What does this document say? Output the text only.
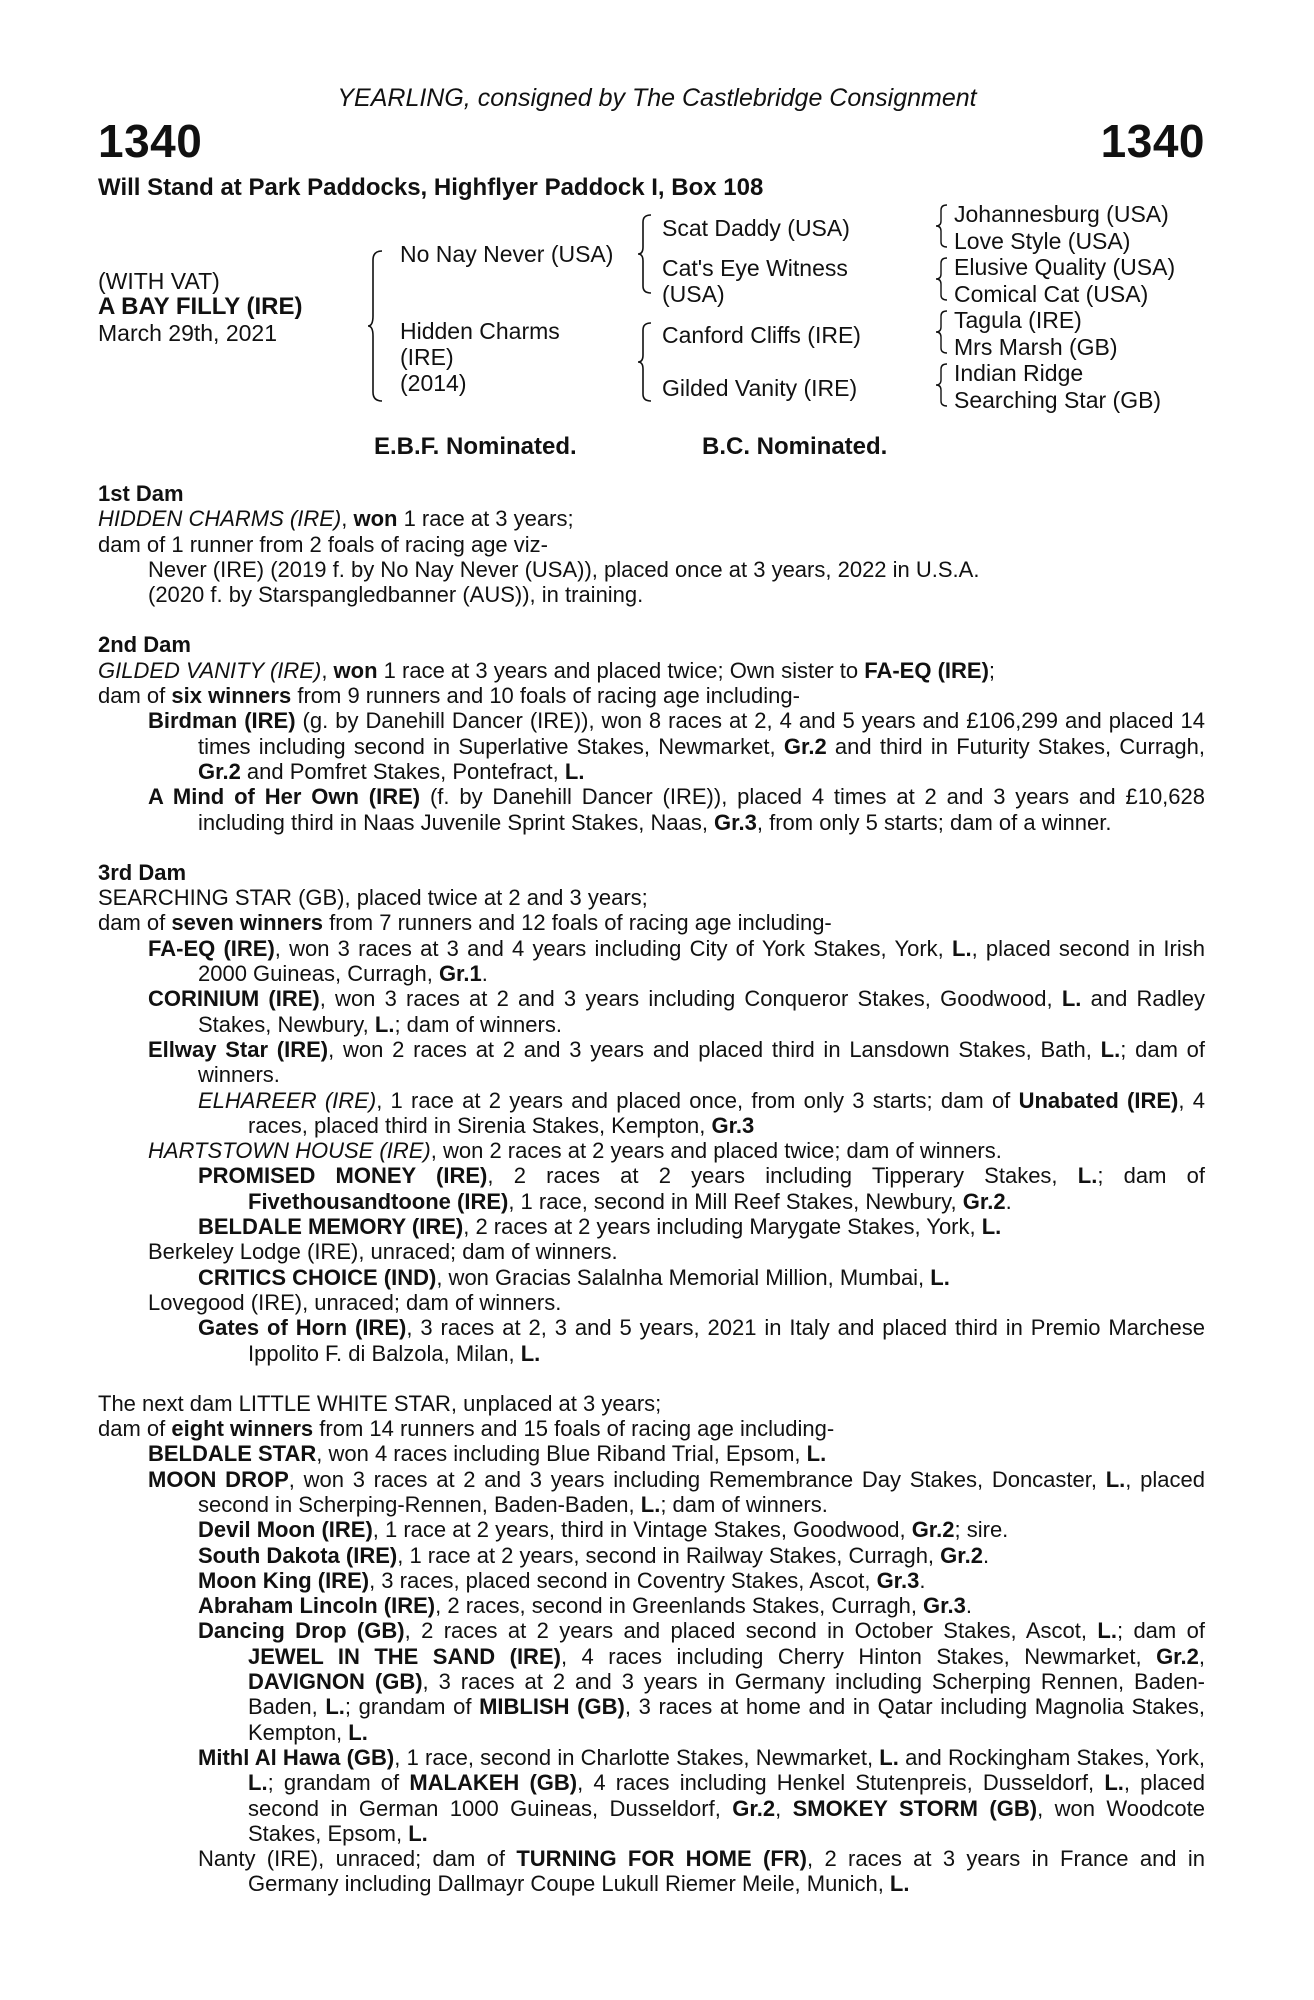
YEARLING, consigned by The Castlebridge Consignment
1340	1340
Will Stand at Park Paddocks, Highflyer Paddock I, Box 108
(WITH VAT)
A BAY FILLY (IRE)
March 29th, 2021
No Nay Never (USA)
Hidden Charms
(IRE)
(2014)
Scat Daddy (USA)
Cat's Eye Witness
(USA)
Canford Cliffs (IRE)
Gilded Vanity (IRE)
Johannesburg (USA)
Love Style (USA)
Elusive Quality (USA)
Comical Cat (USA)
Tagula (IRE)
Mrs Marsh (GB)
Indian Ridge
Searching Star (GB)
E.B.F. Nominated.	B.C. Nominated.

1st Dam

HIDDEN CHARMS (IRE), won 1 race at 3 years;

dam of 1 runner from 2 foals of racing age viz-

Never (IRE) (2019 f. by No Nay Never (USA)), placed once at 3 years, 2022 in U.S.A.

(2020 f. by Starspangledbanner (AUS)), in training.

2nd Dam

GILDED VANITY (IRE), won 1 race at 3 years and placed twice; Own sister to FA-EQ (IRE);

dam of six winners from 9 runners and 10 foals of racing age including-

Birdman (IRE) (g. by Danehill Dancer (IRE)), won 8 races at 2, 4 and 5 years and £106,299 and placed 14 times including second in Superlative Stakes, Newmarket, Gr.2 and third in Futurity Stakes, Curragh, Gr.2 and Pomfret Stakes, Pontefract, L.

A Mind of Her Own (IRE) (f. by Danehill Dancer (IRE)), placed 4 times at 2 and 3 years and £10,628 including third in Naas Juvenile Sprint Stakes, Naas, Gr.3, from only 5 starts; dam of a winner.

3rd Dam

SEARCHING STAR (GB), placed twice at 2 and 3 years;

dam of seven winners from 7 runners and 12 foals of racing age including-

FA-EQ (IRE), won 3 races at 3 and 4 years including City of York Stakes, York, L., placed second in Irish 2000 Guineas, Curragh, Gr.1.

CORINIUM (IRE), won 3 races at 2 and 3 years including Conqueror Stakes, Goodwood, L. and Radley Stakes, Newbury, L.; dam of winners.

Ellway Star (IRE), won 2 races at 2 and 3 years and placed third in Lansdown Stakes, Bath, L.; dam of winners.

ELHAREER (IRE), 1 race at 2 years and placed once, from only 3 starts; dam of Unabated (IRE), 4 races, placed third in Sirenia Stakes, Kempton, Gr.3

HARTSTOWN HOUSE (IRE), won 2 races at 2 years and placed twice; dam of winners.

PROMISED MONEY (IRE), 2 races at 2 years including Tipperary Stakes, L.; dam of Fivethousandtoone (IRE), 1 race, second in Mill Reef Stakes, Newbury, Gr.2.

BELDALE MEMORY (IRE), 2 races at 2 years including Marygate Stakes, York, L.

Berkeley Lodge (IRE), unraced; dam of winners.

CRITICS CHOICE (IND), won Gracias Salalnha Memorial Million, Mumbai, L.

Lovegood (IRE), unraced; dam of winners.

Gates of Horn (IRE), 3 races at 2, 3 and 5 years, 2021 in Italy and placed third in Premio Marchese Ippolito F. di Balzola, Milan, L.

The next dam LITTLE WHITE STAR, unplaced at 3 years;

dam of eight winners from 14 runners and 15 foals of racing age including-

BELDALE STAR, won 4 races including Blue Riband Trial, Epsom, L.

MOON DROP, won 3 races at 2 and 3 years including Remembrance Day Stakes, Doncaster, L., placed second in Scherping-Rennen, Baden-Baden, L.; dam of winners.

Devil Moon (IRE), 1 race at 2 years, third in Vintage Stakes, Goodwood, Gr.2; sire.

South Dakota (IRE), 1 race at 2 years, second in Railway Stakes, Curragh, Gr.2.

Moon King (IRE), 3 races, placed second in Coventry Stakes, Ascot, Gr.3.

Abraham Lincoln (IRE), 2 races, second in Greenlands Stakes, Curragh, Gr.3.

Dancing Drop (GB), 2 races at 2 years and placed second in October Stakes, Ascot, L.; dam of JEWEL IN THE SAND (IRE), 4 races including Cherry Hinton Stakes, Newmarket, Gr.2, DAVIGNON (GB), 3 races at 2 and 3 years in Germany including Scherping Rennen, Baden-Baden, L.; grandam of MIBLISH (GB), 3 races at home and in Qatar including Magnolia Stakes, Kempton, L.

Mithl Al Hawa (GB), 1 race, second in Charlotte Stakes, Newmarket, L. and Rockingham Stakes, York, L.; grandam of MALAKEH (GB), 4 races including Henkel Stutenpreis, Dusseldorf, L., placed second in German 1000 Guineas, Dusseldorf, Gr.2, SMOKEY STORM (GB), won Woodcote Stakes, Epsom, L.

Nanty (IRE), unraced; dam of TURNING FOR HOME (FR), 2 races at 3 years in France and in Germany including Dallmayr Coupe Lukull Riemer Meile, Munich, L.
